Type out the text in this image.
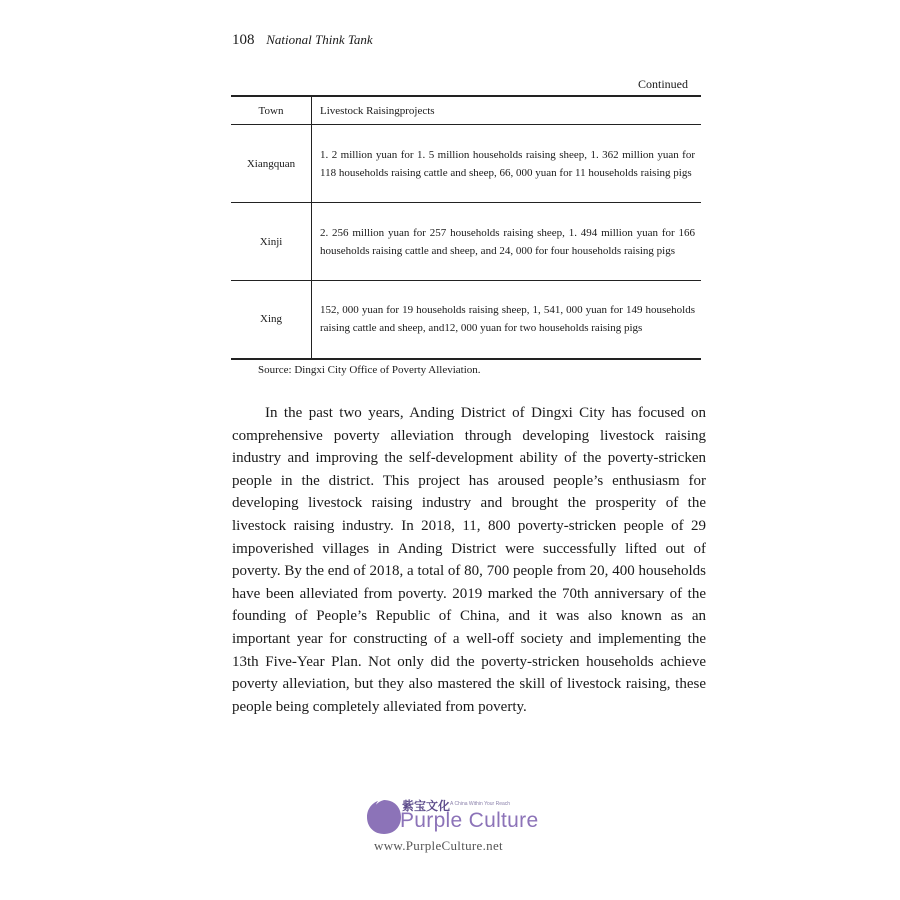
108 National Think Tank
Continued
Town	Livestock Raisingprojects
Xiangquan	1. 2 million yuan for 1. 5 million households raising sheep, 1. 362 million yuan for 118 households raising cattle and sheep, 66, 000 yuan for 11 households raising pigs
Xinji	2. 256 million yuan for 257 households raising sheep, 1. 494 million yuan for 166 households raising cattle and sheep, and 24, 000 for four households raising pigs
Xing	152, 000 yuan for 19 households raising sheep, 1, 541, 000 yuan for 149 households raising cattle and sheep, and12, 000 yuan for two households raising pigs
Source: Dingxi City Office of Poverty Alleviation.

In the past two years, Anding District of Dingxi City has focused on comprehensive poverty alleviation through developing livestock raising industry and improving the self-development ability of the poverty-stricken people in the district. This project has aroused people’s enthusiasm for developing livestock raising industry and brought the prosperity of the livestock raising industry. In 2018, 11, 800 poverty-stricken people of 29 impoverished villages in Anding District were successfully lifted out of poverty. By the end of 2018, a total of 80, 700 people from 20, 400 households have been alleviated from poverty. 2019 marked the 70th anniversary of the founding of People’s Republic of China, and it was also known as an important year for constructing of a well-off society and implementing the 13th Five-Year Plan. Not only did the poverty-stricken households achieve poverty alleviation, but they also mastered the skill of livestock raising, these people being completely alleviated from poverty.

紫宝文化 A China Within Your Reach
Purple Culture
www.PurpleCulture.net
